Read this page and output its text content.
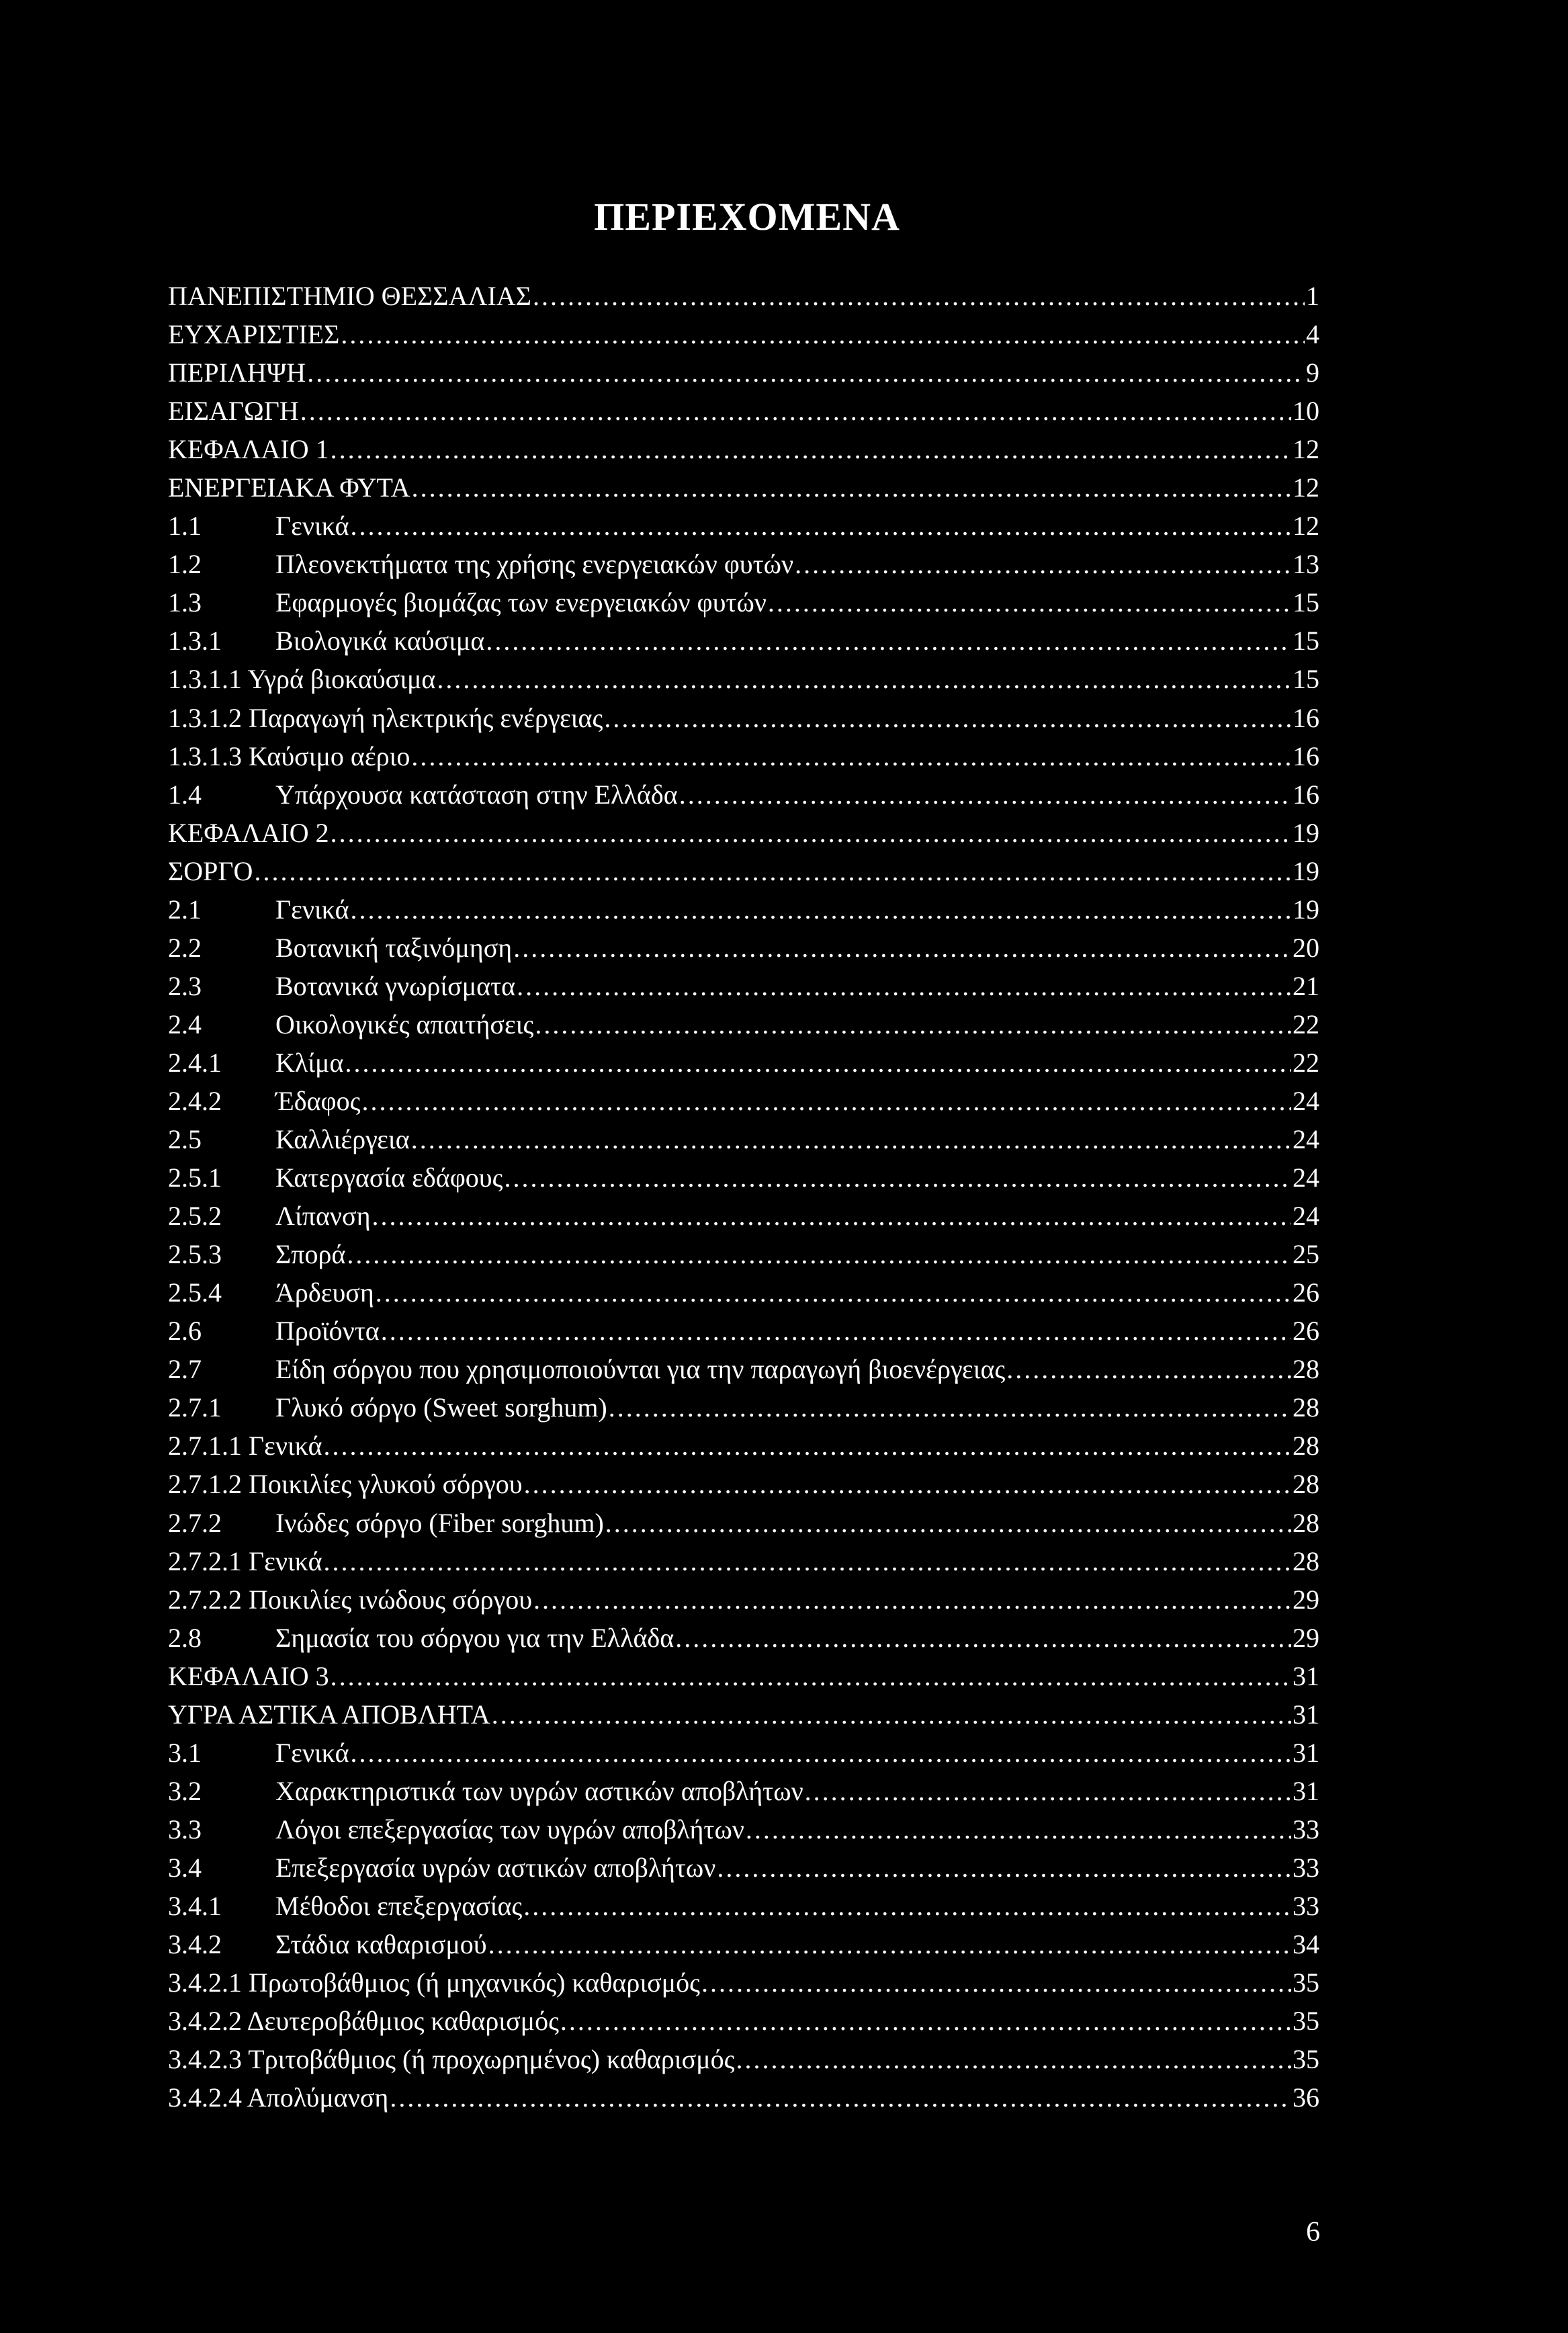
ΠΕΡΙΕΧΟΜΕΝΑ
ΠΑΝΕΠΙΣΤΗΜΙΟ ΘΕΣΣΑΛΙΑΣ .....	1
ΕΥΧΑΡΙΣΤΙΕΣ .....	4
ΠΕΡΙΛΗΨΗ .....	9
ΕΙΣΑΓΩΓΗ .....	10
ΚΕΦΑΛΑΙΟ 1 .....	12
ΕΝΕΡΓΕΙΑΚΑ ΦΥΤΑ .....	12
1.1	Γενικά .....	12
1.2	Πλεονεκτήματα της χρήσης ενεργειακών φυτών .....	13
1.3	Εφαρμογές βιομάζας των ενεργειακών φυτών .....	15
1.3.1	Βιολογικά καύσιμα .....	15
1.3.1.1 Υγρά βιοκαύσιμα .....	15
1.3.1.2 Παραγωγή ηλεκτρικής ενέργειας .....	16
1.3.1.3 Καύσιμο αέριο .....	16
1.4	Υπάρχουσα κατάσταση στην Ελλάδα .....	16
ΚΕΦΑΛΑΙΟ 2 .....	19
ΣΟΡΓΟ .....	19
2.1	Γενικά .....	19
2.2	Βοτανική ταξινόμηση .....	20
2.3	Βοτανικά γνωρίσματα .....	21
2.4	Οικολογικές απαιτήσεις .....	22
2.4.1	Κλίμα .....	22
2.4.2	Έδαφος .....	24
2.5	Καλλιέργεια .....	24
2.5.1	Κατεργασία εδάφους .....	24
2.5.2	Λίπανση .....	24
2.5.3	Σπορά .....	25
2.5.4	Άρδευση .....	26
2.6	Προϊόντα .....	26
2.7	Είδη σόργου που χρησιμοποιούνται για την παραγωγή βιοενέργειας .....	28
2.7.1	Γλυκό σόργο (Sweet sorghum) .....	28
2.7.1.1 Γενικά .....	28
2.7.1.2 Ποικιλίες γλυκού σόργου .....	28
2.7.2	Ινώδες σόργο (Fiber sorghum) .....	28
2.7.2.1 Γενικά .....	28
2.7.2.2 Ποικιλίες ινώδους σόργου .....	29
2.8	Σημασία του σόργου για την Ελλάδα .....	29
ΚΕΦΑΛΑΙΟ 3 .....	31
ΥΓΡΑ ΑΣΤΙΚΑ ΑΠΟΒΛΗΤΑ .....	31
3.1	Γενικά .....	31
3.2	Χαρακτηριστικά των υγρών αστικών αποβλήτων .....	31
3.3	Λόγοι επεξεργασίας των υγρών αποβλήτων .....	33
3.4	Επεξεργασία υγρών αστικών αποβλήτων .....	33
3.4.1	Μέθοδοι επεξεργασίας .....	33
3.4.2	Στάδια καθαρισμού .....	34
3.4.2.1 Πρωτοβάθμιος (ή μηχανικός) καθαρισμός .....	35
3.4.2.2 Δευτεροβάθμιος καθαρισμός .....	35
3.4.2.3 Τριτοβάθμιος (ή προχωρημένος) καθαρισμός .....	35
3.4.2.4 Απολύμανση .....	36
6
